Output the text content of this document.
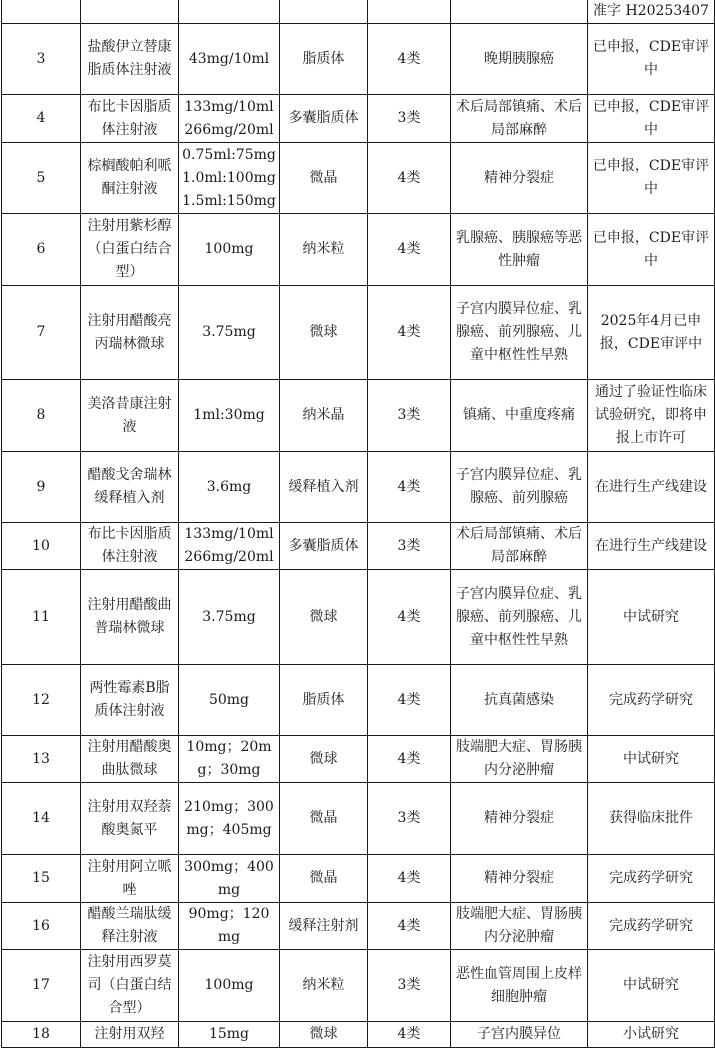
						准字 H20253407
3	盐酸伊立替康脂质体注射液	43mg/10ml	脂质体	4类	晚期胰腺癌	已申报，CDE审评中
4	布比卡因脂质体注射液	133mg/10ml 266mg/20ml	多囊脂质体	3类	术后局部镇痛、术后局部麻醉	已申报，CDE审评中
5	棕榈酸帕利哌酮注射液	0.75ml:75mg 1.0ml:100mg 1.5ml:150mg	微晶	4类	精神分裂症	已申报，CDE审评中
6	注射用紫杉醇（白蛋白结合型）	100mg	纳米粒	4类	乳腺癌、胰腺癌等恶性肿瘤	已申报，CDE审评中
7	注射用醋酸亮丙瑞林微球	3.75mg	微球	4类	子宫内膜异位症、乳腺癌、前列腺癌、儿童中枢性性早熟	2025年4月已申报，CDE审评中
8	美洛昔康注射液	1ml:30mg	纳米晶	3类	镇痛、中重度疼痛	通过了验证性临床试验研究，即将申报上市许可
9	醋酸戈舍瑞林缓释植入剂	3.6mg	缓释植入剂	4类	子宫内膜异位症、乳腺癌、前列腺癌	在进行生产线建设
10	布比卡因脂质体注射液	133mg/10ml 266mg/20ml	多囊脂质体	3类	术后局部镇痛、术后局部麻醉	在进行生产线建设
11	注射用醋酸曲普瑞林微球	3.75mg	微球	4类	子宫内膜异位症、乳腺癌、前列腺癌、儿童中枢性性早熟	中试研究
12	两性霉素B脂质体注射液	50mg	脂质体	4类	抗真菌感染	完成药学研究
13	注射用醋酸奥曲肽微球	10mg；20mg；30mg	微球	4类	肢端肥大症、胃肠胰内分泌肿瘤	中试研究
14	注射用双羟萘酸奥氮平	210mg；300mg；405mg	微晶	3类	精神分裂症	获得临床批件
15	注射用阿立哌唑	300mg；400mg	微晶	4类	精神分裂症	完成药学研究
16	醋酸兰瑞肽缓释注射液	90mg；120mg	缓释注射剂	4类	肢端肥大症、胃肠胰内分泌肿瘤	完成药学研究
17	注射用西罗莫司（白蛋白结合型）	100mg	纳米粒	3类	恶性血管周围上皮样细胞肿瘤	中试研究
18	注射用双羟	15mg	微球	4类	子宫内膜异位	小试研究
